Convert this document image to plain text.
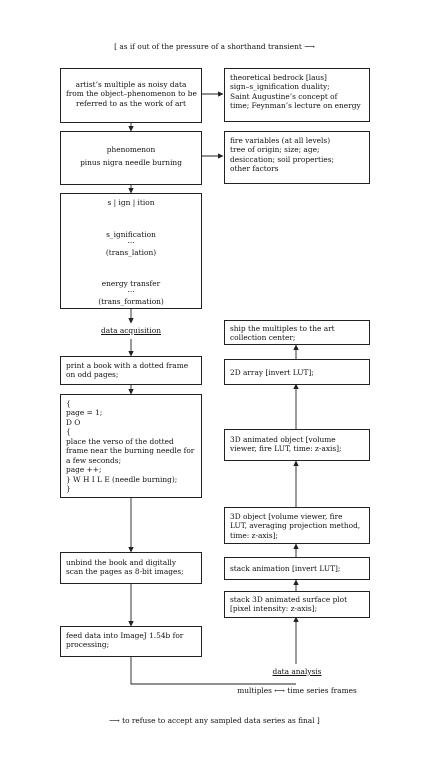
[ as if out of the pressure of a shorthand transient ⟶
artist’s multiple as noisy data
from the object–phenomenon to be
referred to as the work of art
phenomenon
pinus nigra needle burning
s | ign | ition
s_ignification
···
(trans_lation)
energy transfer
···
(trans_formation)
data acquisition
print a book with a dotted frame
on odd pages;
{
page = 1;
D O
{
place the verso of the dotted
frame near the burning needle for
a few seconds;
page ++;
} W H I L E (needle burning);
}
unbind the book and digitally
scan the pages as 8-bit images;
feed data into ImageJ 1.54b for
processing;
theoretical bedrock [laus]
sign–s_ignification duality;
Saint Augustine’s concept of
time; Feynman’s lecture on energy
fire variables (at all levels)
tree of origin; size; age;
desiccation; soil properties;
other factors
ship the multiples to the art
collection center;
2D array [invert LUT];
3D animated object [volume
viewer, fire LUT, time: z-axis];
3D object [volume viewer, fire
LUT, averaging projection method,
time: z-axis];
stack animation [invert LUT];
stack 3D animated surface plot
[pixel intensity: z-axis];
data analysis
multiples ⟷ time series frames
⟶ to refuse to accept any sampled data series as final ]
